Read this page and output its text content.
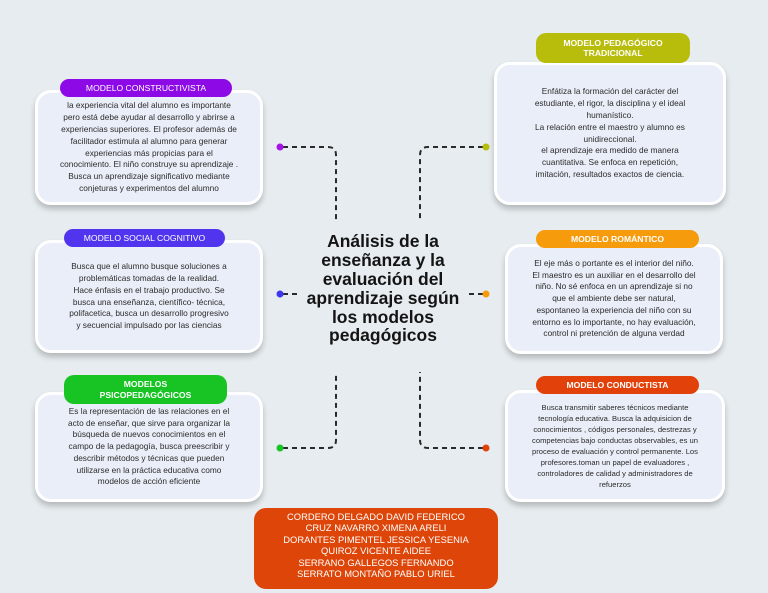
Análisis de la
enseñanza y la
evaluación del
aprendizaje según
los modelos
pedagógicos
la experiencia vital del alumno es importante
pero está debe ayudar al desarrollo y abrirse a
experiencias superiores. El profesor además de
facilitador estimula al alumno para generar
experiencias más propicias para el
conocimiento. El niño construye su aprendizaje .
Busca un aprendizaje significativo mediante
conjeturas y experimentos del alumno
MODELO CONSTRUCTIVISTA
Busca que el alumno busque soluciones a
problemáticas tomadas de la realidad.
Hace énfasis en el trabajo productivo. Se
busca una enseñanza, científico- técnica,
polifacetica, busca un desarrollo progresivo
y secuencial impulsado por las ciencias
MODELO SOCIAL COGNITIVO
Es la representación de las relaciones en el
acto de enseñar, que sirve para organizar la
búsqueda de nuevos conocimientos en el
campo de la pedagogía, busca preescribir y
describir métodos y técnicas que pueden
utilizarse en la práctica educativa como
modelos de acción eficiente
MODELOS
PSICOPEDAGÓGICOS
Enfátiza la formación del carácter del
estudiante, el rigor, la disciplina y el ideal
humanístico.
La relación entre el maestro y alumno es
unidireccional.
el aprendizaje era medido de manera
cuantitativa. Se enfoca en repetición,
imitación, resultados exactos de ciencia.
MODELO PEDAGÓGICO
TRADICIONAL
El eje más o portante es el interior del niño.
El maestro es un auxiliar en el desarrollo del
niño. No sé enfoca en un aprendizaje si no
que el ambiente debe ser natural,
espontaneo la experiencia del niño con su
entorno es lo importante, no hay evaluación,
control ni pretención de alguna verdad
MODELO ROMÁNTICO
Busca transmitir saberes técnicos mediante
tecnología educativa. Busca la adquisicion de
conocimientos , códigos personales, destrezas y
competencias bajo conductas observables, es un
proceso de evaluación y control permanente. Los
profesores.toman un papel de evaluadores ,
controladores de calidad y administradores de
refuerzos
MODELO CONDUCTISTA
CORDERO DELGADO DAVID FEDERICO
CRUZ NAVARRO XIMENA ARELI
DORANTES PIMENTEL JESSICA YESENIA
QUIROZ VICENTE AIDEE
SERRANO GALLEGOS FERNANDO
SERRATO MONTAÑO PABLO URIEL
